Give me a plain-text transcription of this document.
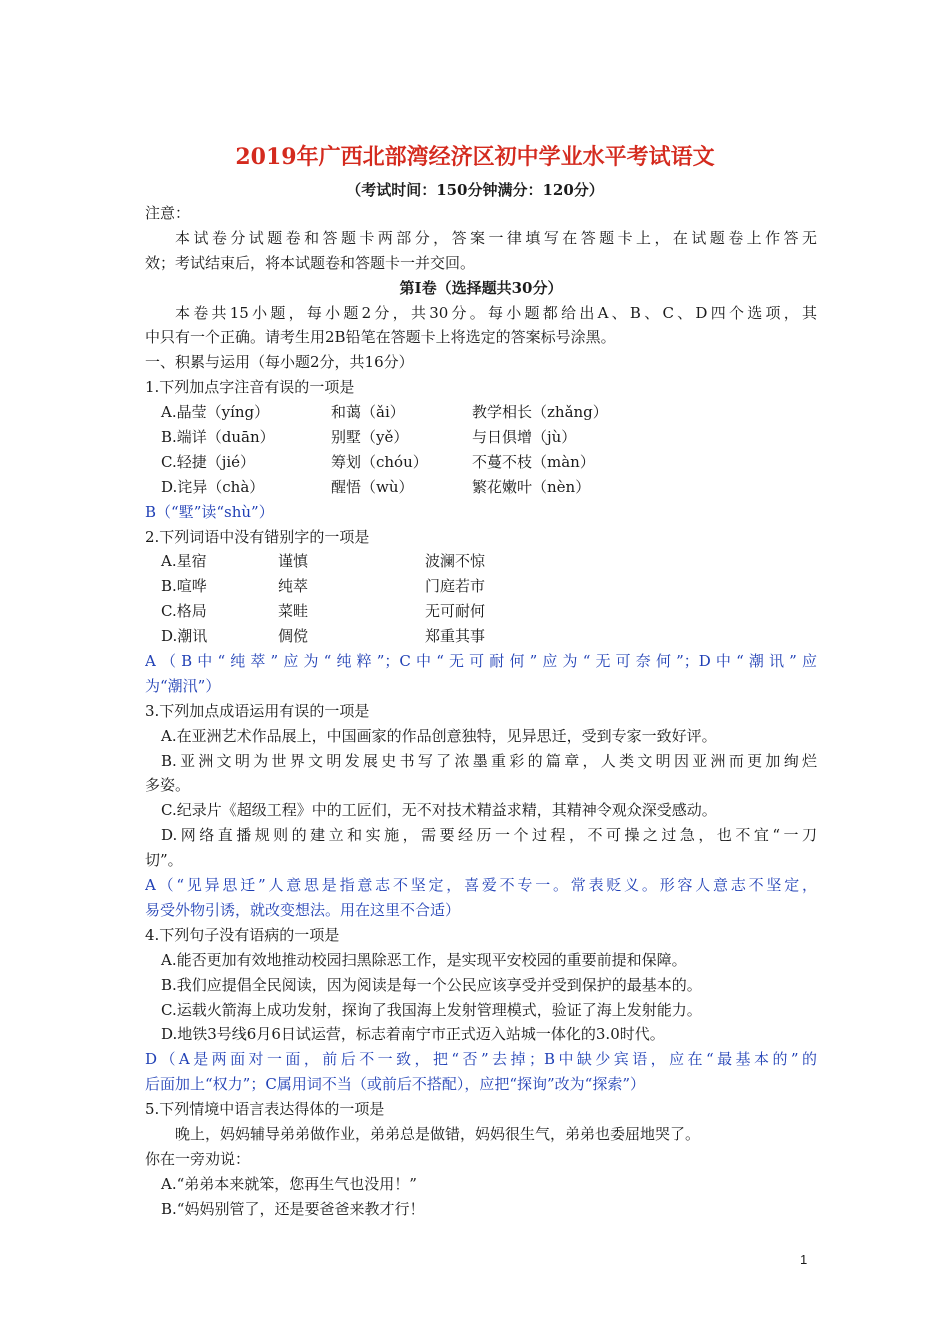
2019年广西北部湾经济区初中学业水平考试语文
（考试时间：150分钟满分：120分）
注意：
本试卷分试题卷和答题卡两部分，答案一律填写在答题卡上，在试题卷上作答无
效；考试结束后，将本试题卷和答题卡一并交回。
第Ⅰ卷（选择题共30分）
本卷共15小题，每小题2分，共30分。每小题都给出A、B、C、D四个选项，其
中只有一个正确。请考生用2B铅笔在答题卡上将选定的答案标号涂黑。
一、积累与运用（每小题2分，共16分）
1.下列加点字注音有误的一项是
A.晶莹（yíng）	和蔼（ǎi）	教学相长（zhǎng）
B.端详（duān）	别墅（yě）	与日俱增（jù）
C.轻捷（jié）	筹划（chóu）	不蔓不枝（màn）
D.诧异（chà）	醒悟（wù）	繁花嫩叶（nèn）
B（“墅”读“shù”）
2.下列词语中没有错别字的一项是
A.星宿	谨慎	波澜不惊
B.喧哗	纯萃	门庭若市
C.格局	菜畦	无可耐何
D.潮讯	倜傥	郑重其事
A（B中“纯萃”应为“纯粹”；C中“无可耐何”应为“无可奈何”；D中“潮讯”应
为“潮汛”）
3.下列加点成语运用有误的一项是
A.在亚洲艺术作品展上，中国画家的作品创意独特，见异思迁，受到专家一致好评。
B.亚洲文明为世界文明发展史书写了浓墨重彩的篇章，人类文明因亚洲而更加绚烂
多姿。
C.纪录片《超级工程》中的工匠们，无不对技术精益求精，其精神令观众深受感动。
D.网络直播规则的建立和实施，需要经历一个过程，不可操之过急，也不宜“一刀
切”。
A（“见异思迁”人意思是指意志不坚定，喜爱不专一。常表贬义。形容人意志不坚定，
易受外物引诱，就改变想法。用在这里不合适）
4.下列句子没有语病的一项是
A.能否更加有效地推动校园扫黑除恶工作，是实现平安校园的重要前提和保障。
B.我们应提倡全民阅读，因为阅读是每一个公民应该享受并受到保护的最基本的。
C.运载火箭海上成功发射，探询了我国海上发射管理模式，验证了海上发射能力。
D.地铁3号线6月6日试运营，标志着南宁市正式迈入站城一体化的3.0时代。
D（A是两面对一面，前后不一致，把“否”去掉；B中缺少宾语，应在“最基本的”的
后面加上“权力”；C属用词不当（或前后不搭配），应把“探询”改为“探索”）
5.下列情境中语言表达得体的一项是
晚上，妈妈辅导弟弟做作业，弟弟总是做错，妈妈很生气，弟弟也委屈地哭了。
你在一旁劝说：
A.“弟弟本来就笨，您再生气也没用！”
B.“妈妈别管了，还是要爸爸来教才行！
1
